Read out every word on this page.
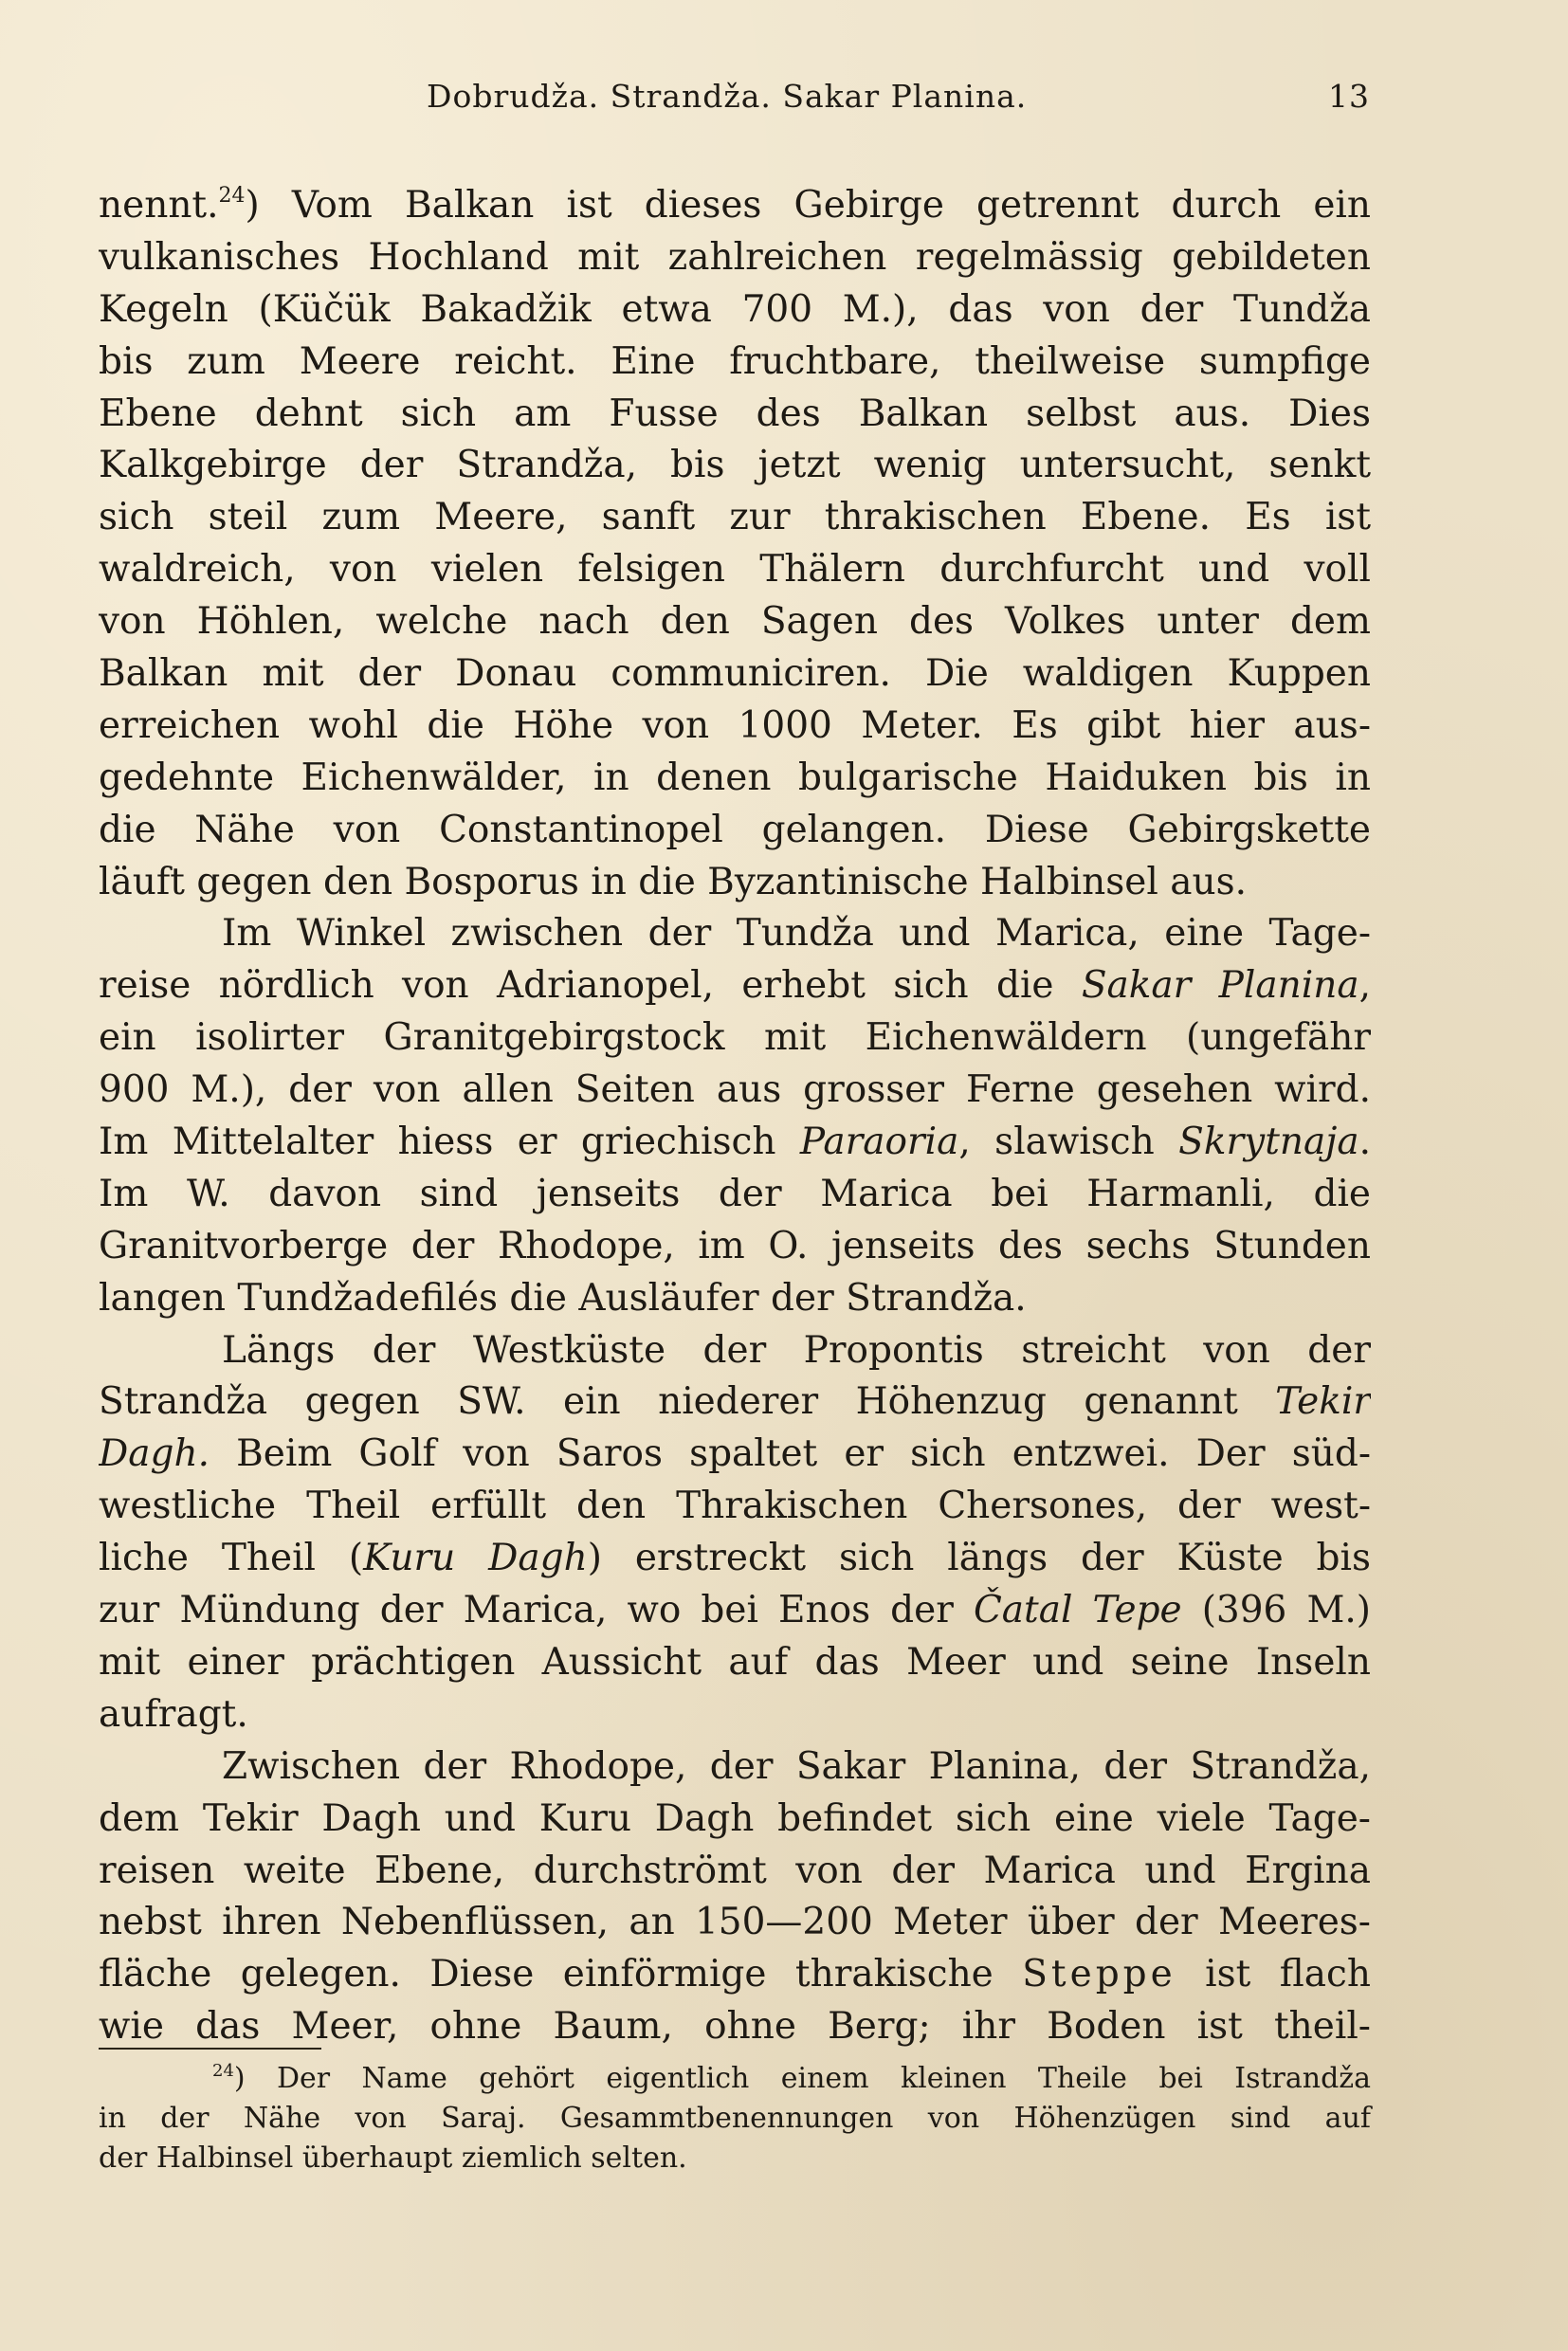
Dobrudža. Strandža. Sakar Planina.	13
nennt.$^{24}$) Vom Balkan ist dieses Gebirge getrennt durch ein
vulkanisches Hochland mit zahlreichen regelmässig gebildeten
Kegeln (Küčük Bakadžik etwa 700 M.), das von der Tundža
bis zum Meere reicht. Eine fruchtbare, theilweise sumpfige
Ebene dehnt sich am Fusse des Balkan selbst aus. Dies
Kalkgebirge der Strandža, bis jetzt wenig untersucht, senkt
sich steil zum Meere, sanft zur thrakischen Ebene. Es ist
waldreich, von vielen felsigen Thälern durchfurcht und voll
von Höhlen, welche nach den Sagen des Volkes unter dem
Balkan mit der Donau communiciren. Die waldigen Kuppen
erreichen wohl die Höhe von 1000 Meter. Es gibt hier aus-
gedehnte Eichenwälder, in denen bulgarische Haiduken bis in
die Nähe von Constantinopel gelangen. Diese Gebirgskette
läuft gegen den Bosporus in die Byzantinische Halbinsel aus.
Im Winkel zwischen der Tundža und Marica, eine Tage-
reise nördlich von Adrianopel, erhebt sich die Sakar Planina,
ein isolirter Granitgebirgstock mit Eichenwäldern (ungefähr
900 M.), der von allen Seiten aus grosser Ferne gesehen wird.
Im Mittelalter hiess er griechisch Paraoria, slawisch Skrytnaja.
Im W. davon sind jenseits der Marica bei Harmanli, die
Granitvorberge der Rhodope, im O. jenseits des sechs Stunden
langen Tundžadefilés die Ausläufer der Strandža.
Längs der Westküste der Propontis streicht von der
Strandža gegen SW. ein niederer Höhenzug genannt Tekir
Dagh. Beim Golf von Saros spaltet er sich entzwei. Der süd-
westliche Theil erfüllt den Thrakischen Chersones, der west-
liche Theil (Kuru Dagh) erstreckt sich längs der Küste bis
zur Mündung der Marica, wo bei Enos der Čatal Tepe (396 M.)
mit einer prächtigen Aussicht auf das Meer und seine Inseln
aufragt.
Zwischen der Rhodope, der Sakar Planina, der Strandža,
dem Tekir Dagh und Kuru Dagh befindet sich eine viele Tage-
reisen weite Ebene, durchströmt von der Marica und Ergina
nebst ihren Nebenflüssen, an 150—200 Meter über der Meeres-
fläche gelegen. Diese einförmige thrakische Steppe ist flach
wie das Meer, ohne Baum, ohne Berg; ihr Boden ist theil-
$^{24}$) Der Name gehört eigentlich einem kleinen Theile bei Istrandža
in der Nähe von Saraj. Gesammtbenennungen von Höhenzügen sind auf
der Halbinsel überhaupt ziemlich selten.
